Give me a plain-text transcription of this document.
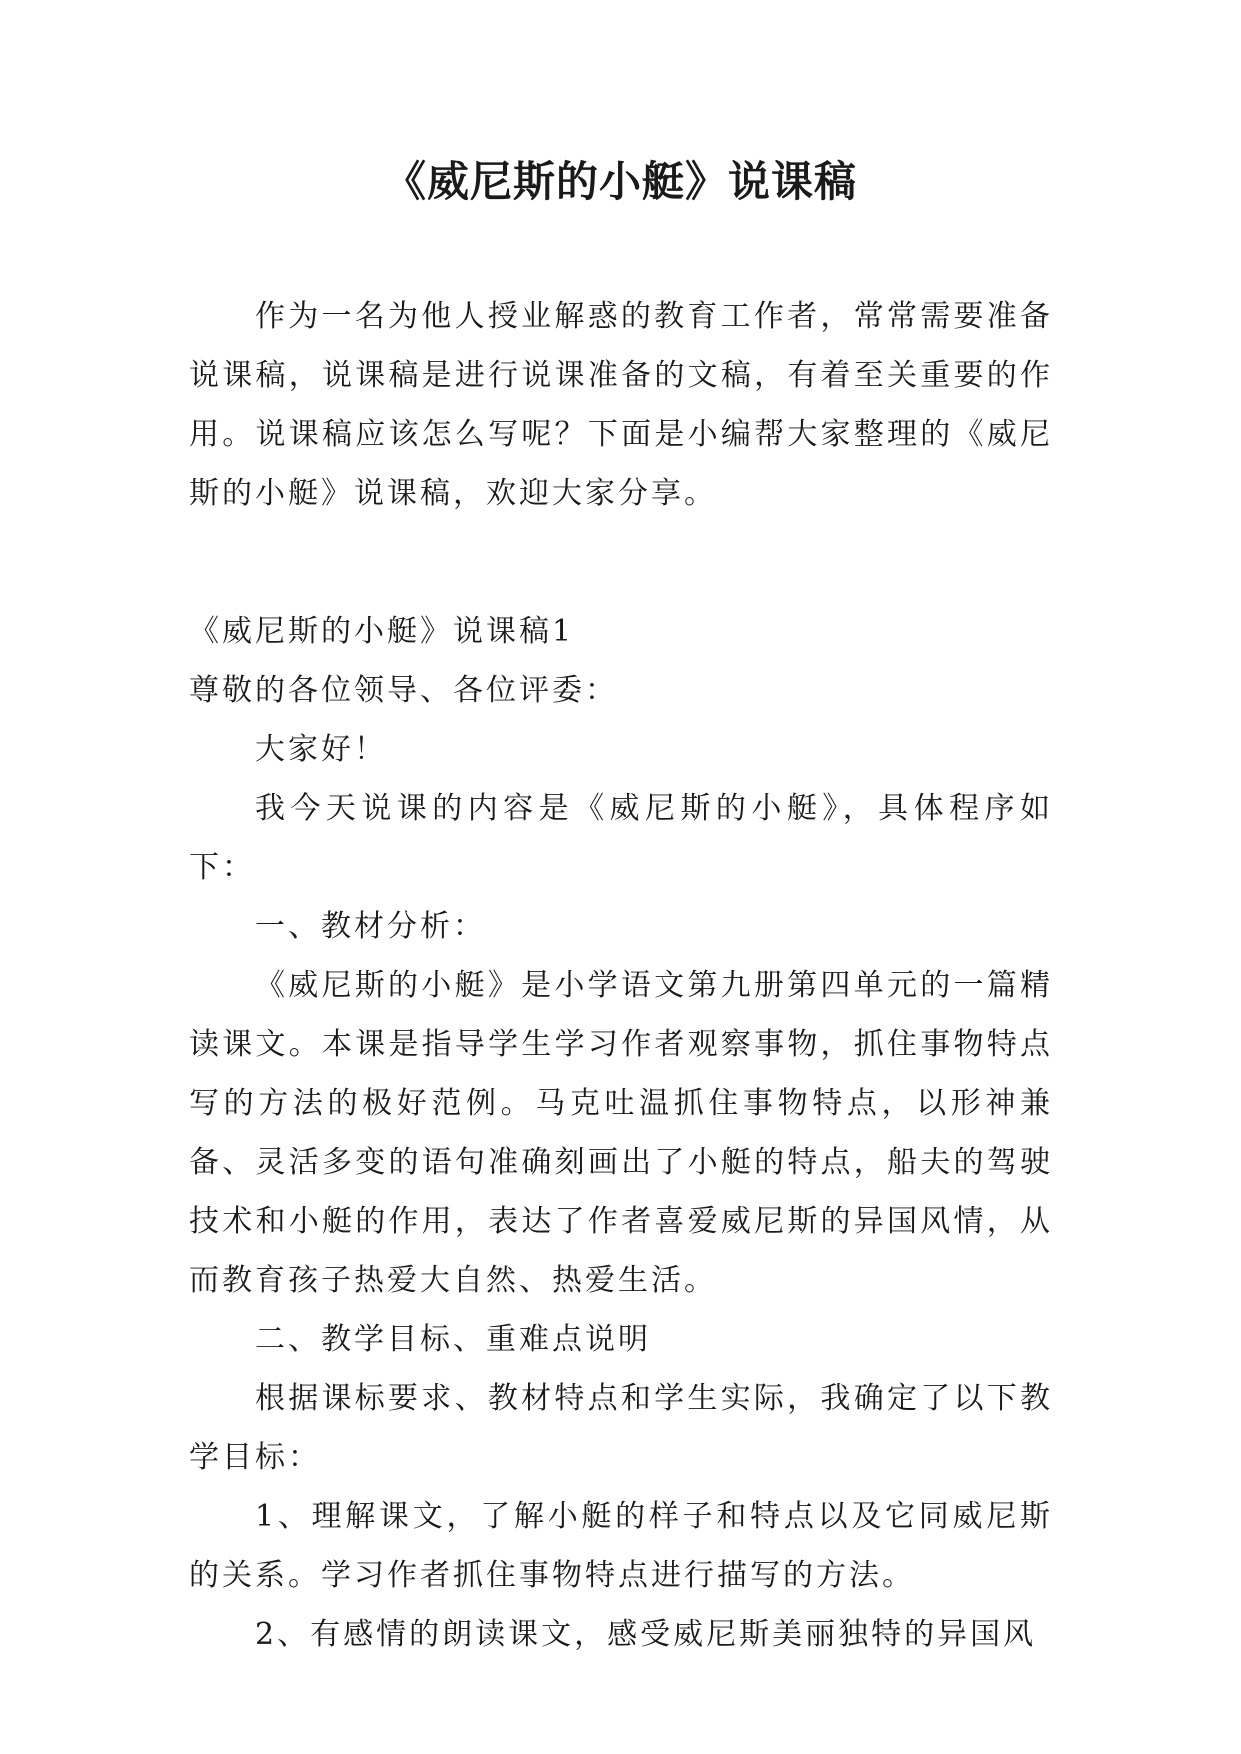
《威尼斯的小艇》说课稿

作为一名为他人授业解惑的教育工作者，常常需要准备说课稿，说课稿是进行说课准备的文稿，有着至关重要的作用。说课稿应该怎么写呢？下面是小编帮大家整理的《威尼斯的小艇》说课稿，欢迎大家分享。

《威尼斯的小艇》说课稿1

尊敬的各位领导、各位评委：

大家好！

我今天说课的内容是《威尼斯的小艇》，具体程序如下：

一、教材分析：

《威尼斯的小艇》是小学语文第九册第四单元的一篇精读课文。本课是指导学生学习作者观察事物，抓住事物特点写的方法的极好范例。马克吐温抓住事物特点，以形神兼备、灵活多变的语句准确刻画出了小艇的特点，船夫的驾驶技术和小艇的作用，表达了作者喜爱威尼斯的异国风情，从而教育孩子热爱大自然、热爱生活。

二、教学目标、重难点说明

根据课标要求、教材特点和学生实际，我确定了以下教学目标：

1、理解课文，了解小艇的样子和特点以及它同威尼斯的关系。学习作者抓住事物特点进行描写的方法。

2、有感情的朗读课文，感受威尼斯美丽独特的异国风
